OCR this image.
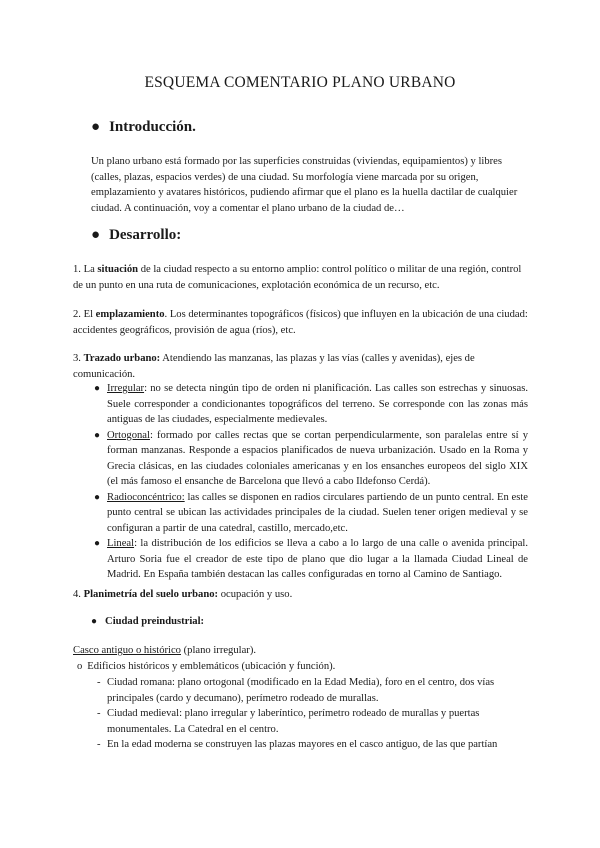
ESQUEMA COMENTARIO PLANO URBANO
● Introducción.
Un plano urbano está formado por las superficies construidas (viviendas, equipamientos) y libres (calles, plazas, espacios verdes) de una ciudad. Su morfología viene marcada por su origen, emplazamiento y avatares históricos, pudiendo afirmar que el plano es la huella dactilar de cualquier ciudad. A continuación, voy a comentar el plano urbano de la ciudad de…
● Desarrollo:
1. La situación de la ciudad respecto a su entorno amplio: control político o militar de una región, control de un punto en una ruta de comunicaciones, explotación económica de un recurso, etc.
2. El emplazamiento. Los determinantes topográficos (físicos) que influyen en la ubicación de una ciudad: accidentes geográficos, provisión de agua (ríos), etc.
3. Trazado urbano: Atendiendo las manzanas, las plazas y las vías (calles y avenidas), ejes de comunicación.
● Irregular: no se detecta ningún tipo de orden ni planificación. Las calles son estrechas y sinuosas. Suele corresponder a condicionantes topográficos del terreno. Se corresponde con las zonas más antiguas de las ciudades, especialmente medievales.
● Ortogonal: formado por calles rectas que se cortan perpendicularmente, son paralelas entre sí y forman manzanas. Responde a espacios planificados de nueva urbanización. Usado en la Roma y Grecia clásicas, en las ciudades coloniales americanas y en los ensanches europeos del siglo XIX (el más famoso el ensanche de Barcelona que llevó a cabo Ildefonso Cerdá).
● Radioconcéntrico: las calles se disponen en radios circulares partiendo de un punto central. En este punto central se ubican las actividades principales de la ciudad. Suelen tener origen medieval y se configuran a partir de una catedral, castillo, mercado,etc.
● Lineal: la distribución de los edificios se lleva a cabo a lo largo de una calle o avenida principal. Arturo Soria fue el creador de este tipo de plano que dio lugar a la llamada Ciudad Lineal de Madrid. En España también destacan las calles configuradas en torno al Camino de Santiago.
4. Planimetría del suelo urbano: ocupación y uso.
● Ciudad preindustrial:
Casco antiguo o histórico (plano irregular).
o Edificios históricos y emblemáticos (ubicación y función).
- Ciudad romana: plano ortogonal (modificado en la Edad Media), foro en el centro, dos vías principales (cardo y decumano), perímetro rodeado de murallas.
- Ciudad medieval: plano irregular y laberíntico, perímetro rodeado de murallas y puertas monumentales. La Catedral en el centro.
- En la edad moderna se construyen las plazas mayores en el casco antiguo, de las que partían
